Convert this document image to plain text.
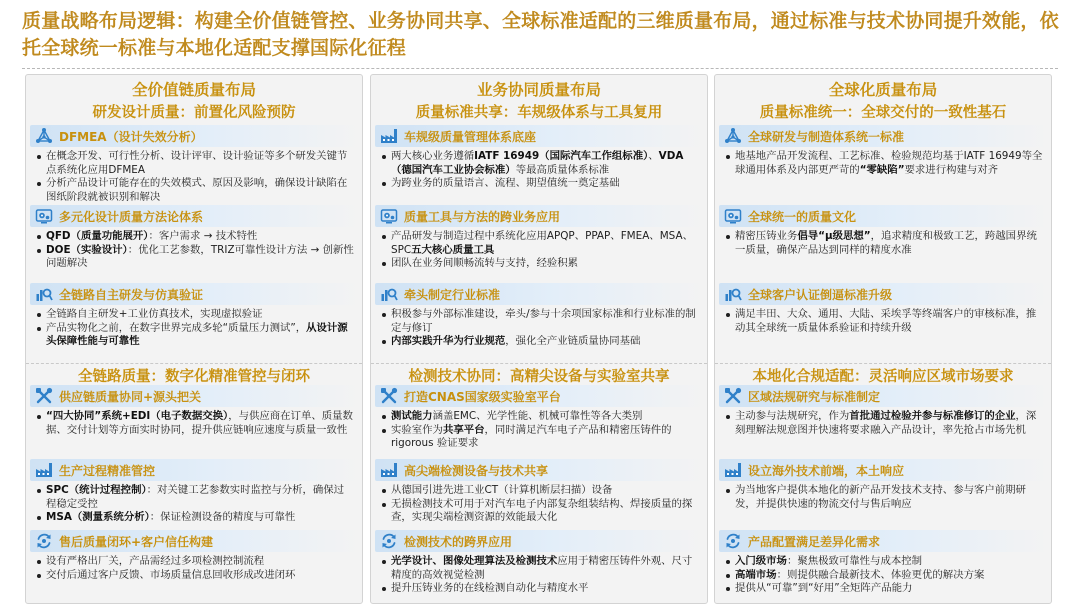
质量战略布局逻辑：构建全价值链管控、业务协同共享、全球标准适配的三维质量布局，通过标准与技术协同提升效能，依托全球统一标准与本地化适配支撑国际化征程
全价值链质量布局
研发设计质量：前置化风险预防
全链路质量：数字化精准管控与闭环
DFMEA（设计失效分析）
在概念开发、可行性分析、设计评审、设计验证等多个研发关键节点系统化应用DFMEA
分析产品设计可能存在的失效模式、原因及影响，确保设计缺陷在图纸阶段就被识别和解决
多元化设计质量方法论体系
QFD（质量功能展开）：客户需求 → 技术特性
DOE（实验设计）：优化工艺参数，TRIZ可靠性设计方法 → 创新性问题解决
全链路自主研发与仿真验证
全链路自主研发+工业仿真技术，实现虚拟验证
产品实物化之前，在数字世界完成多轮“质量压力测试”，从设计源头保障性能与可靠性
供应链质量协同+源头把关
“四大协同”系统+EDI（电子数据交换），与供应商在订单、质量数据、交付计划等方面实时协同，提升供应链响应速度与质量一致性
生产过程精准管控
SPC（统计过程控制）：对关键工艺参数实时监控与分析，确保过程稳定受控
MSA（测量系统分析）：保证检测设备的精度与可靠性
售后质量闭环+客户信任构建
设有严格出厂关，产品需经过多项检测控制流程
交付后通过客户反馈、市场质量信息回收形成改进闭环
业务协同质量布局
质量标准共享：车规级体系与工具复用
检测技术协同：高精尖设备与实验室共享
车规级质量管理体系底座
两大核心业务遵循IATF 16949（国际汽车工作组标准）、VDA（德国汽车工业协会标准）等最高质量体系标准
为跨业务的质量语言、流程、期望值统一奠定基础
质量工具与方法的跨业务应用
产品研发与制造过程中系统化应用APQP、PPAP、FMEA、MSA、SPC五大核心质量工具
团队在业务间顺畅流转与支持，经验积累
牵头制定行业标准
积极参与外部标准建设，牵头/参与十余项国家标准和行业标准的制定与修订
内部实践升华为行业规范，强化全产业链质量协同基础
打造CNAS国家级实验室平台
测试能力涵盖EMC、光学性能、机械可靠性等各大类别
实验室作为共享平台，同时满足汽车电子产品和精密压铸件的 rigorous 验证要求
高尖端检测设备与技术共享
从德国引进先进工业CT（计算机断层扫描）设备
无损检测技术可用于对汽车电子内部复杂组装结构、焊接质量的探查，实现尖端检测资源的效能最大化
检测技术的跨界应用
光学设计、图像处理算法及检测技术应用于精密压铸件外观、尺寸精度的高效视觉检测
提升压铸业务的在线检测自动化与精度水平
全球化质量布局
质量标准统一：全球交付的一致性基石
本地化合规适配：灵活响应区域市场要求
全球研发与制造体系统一标准
地基地产品开发流程、工艺标准、检验规范均基于IATF 16949等全球通用体系及内部更严苛的“零缺陷”要求进行构建与对齐
全球统一的质量文化
精密压铸业务倡导“μ级思想”，追求精度和极致工艺，跨越国界统一质量，确保产品达到同样的精度水准
全球客户认证倒逼标准升级
满足丰田、大众、通用、大陆、采埃孚等终端客户的审核标准，推动其全球统一质量体系验证和持续升级
区域法规研究与标准制定
主动参与法规研究，作为首批通过检验并参与标准修订的企业，深刻理解法规意图并快速将要求融入产品设计，率先抢占市场先机
设立海外技术前端，本土响应
为当地客户提供本地化的新产品开发技术支持、参与客户前期研发，并提供快速的物流交付与售后响应
产品配置满足差异化需求
入门级市场：聚焦极致可靠性与成本控制
高端市场：则提供融合最新技术、体验更优的解决方案
提供从“可靠”到“好用”全矩阵产品能力
